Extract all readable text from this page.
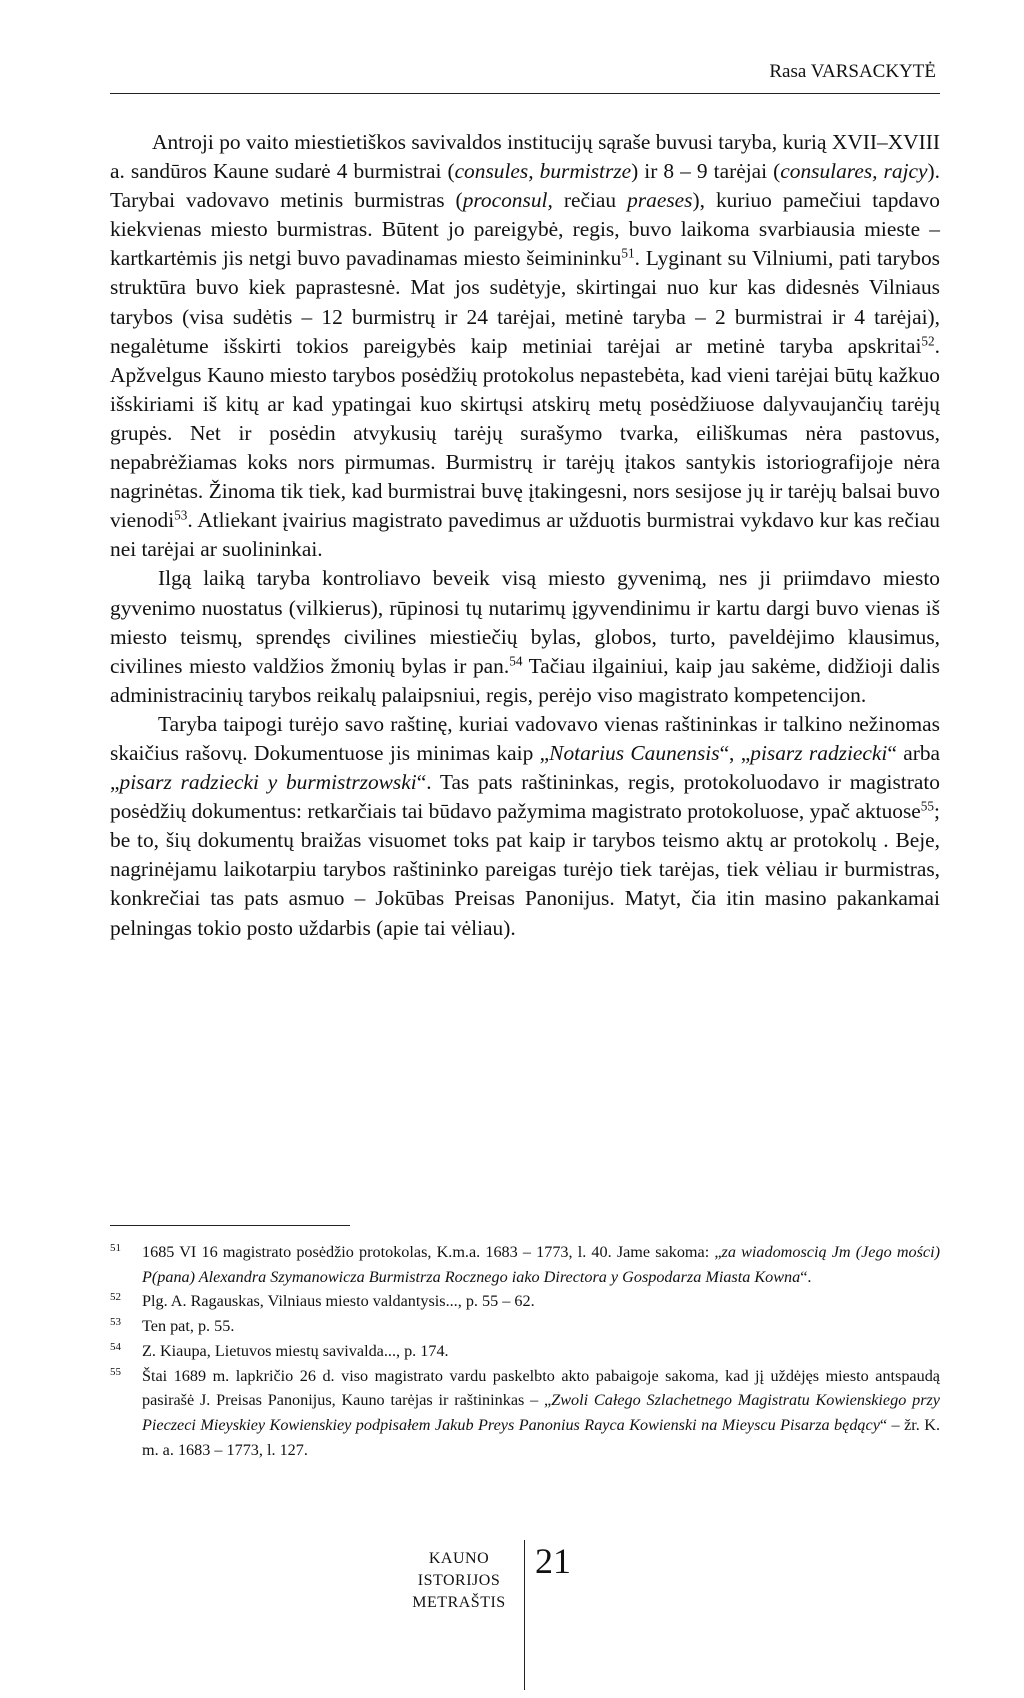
Rasa VARSACKYTĖ

Antroji po vaito miestietiškos savivaldos institucijų sąraše buvusi taryba, kurią XVII–XVIII a. sandūros Kaune sudarė 4 burmistrai (consules, burmistrze) ir 8 – 9 tarėjai (consulares, rajcy). Tarybai vadovavo metinis burmistras (proconsul, rečiau praeses), kuriuo pamečiui tapdavo kiekvienas miesto burmistras. Būtent jo pareigybė, regis, buvo laikoma svarbiausia mieste – kartkartėmis jis netgi buvo pavadinamas miesto šeimininku$^{51}$. Lyginant su Vilniumi, pati tarybos struktūra buvo kiek paprastesnė. Mat jos sudėtyje, skirtingai nuo kur kas didesnės Vilniaus tarybos (visa sudėtis – 12 burmistrų ir 24 tarėjai, metinė taryba – 2 burmistrai ir 4 tarėjai), negalėtume išskirti tokios pareigybės kaip metiniai tarėjai ar metinė taryba apskritai$^{52}$. Apžvelgus Kauno miesto tarybos posėdžių protokolus nepastebėta, kad vieni tarėjai būtų kažkuo išskiriami iš kitų ar kad ypatingai kuo skirtųsi atskirų metų posėdžiuose dalyvaujančių tarėjų grupės. Net ir posėdin atvykusių tarėjų surašymo tvarka, eiliškumas nėra pastovus, nepabrėžiamas koks nors pirmumas. Burmistrų ir tarėjų įtakos santykis istoriografijoje nėra nagrinėtas. Žinoma tik tiek, kad burmistrai buvę įtakingesni, nors sesijose jų ir tarėjų balsai buvo vienodi$^{53}$. Atliekant įvairius magistrato pavedimus ar užduotis burmistrai vykdavo kur kas rečiau nei tarėjai ar suolininkai.

Ilgą laiką taryba kontroliavo beveik visą miesto gyvenimą, nes ji priimdavo miesto gyvenimo nuostatus (vilkierus), rūpinosi tų nutarimų įgyvendinimu ir kartu dargi buvo vienas iš miesto teismų, sprendęs civilines miestiečių bylas, globos, turto, paveldėjimo klausimus, civilines miesto valdžios žmonių bylas ir pan.$^{54}$ Tačiau ilgainiui, kaip jau sakėme, didžioji dalis administracinių tarybos reikalų palaipsniui, regis, perėjo viso magistrato kompetencijon.

Taryba taipogi turėjo savo raštinę, kuriai vadovavo vienas raštininkas ir talkino nežinomas skaičius rašovų. Dokumentuose jis minimas kaip „Notarius Caunensis“, „pisarz radziecki“ arba „pisarz radziecki y burmistrzowski“. Tas pats raštininkas, regis, protokoluodavo ir magistrato posėdžių dokumentus: retkarčiais tai būdavo pažymima magistrato protokoluose, ypač aktuose$^{55}$; be to, šių dokumentų braižas visuomet toks pat kaip ir tarybos teismo aktų ar protokolų . Beje, nagrinėjamu laikotarpiu tarybos raštininko pareigas turėjo tiek tarėjas, tiek vėliau ir burmistras, konkrečiai tas pats asmuo – Jokūbas Preisas Panonijus. Matyt, čia itin masino pakankamai pelningas tokio posto uždarbis (apie tai vėliau).

51	1685 VI 16 magistrato posėdžio protokolas, K.m.a. 1683 – 1773, l. 40. Jame sakoma: „za wiadomoscią Jm (Jego mości) P(pana) Alexandra Szymanowicza Burmistrza Rocznego iako Directora y Gospodarza Miasta Kowna“.
52	Plg. A. Ragauskas, Vilniaus miesto valdantysis..., p. 55 – 62.
53	Ten pat, p. 55.
54	Z. Kiaupa, Lietuvos miestų savivalda..., p. 174.
55	Štai 1689 m. lapkričio 26 d. viso magistrato vardu paskelbto akto pabaigoje sakoma, kad jį uždėjęs miesto antspaudą pasirašė J. Preisas Panonijus, Kauno tarėjas ir raštininkas – „Zwoli Całego Szlachetnego Magistratu Kowienskiego przy Pieczeci Mieyskiey Kowienskiey podpisałem Jakub Preys Panonius Rayca Kowienski na Mieyscu Pisarza będący“ – žr. K. m. a. 1683 – 1773, l. 127.
KAUNO
ISTORIJOS
METRAŠTIS
21
